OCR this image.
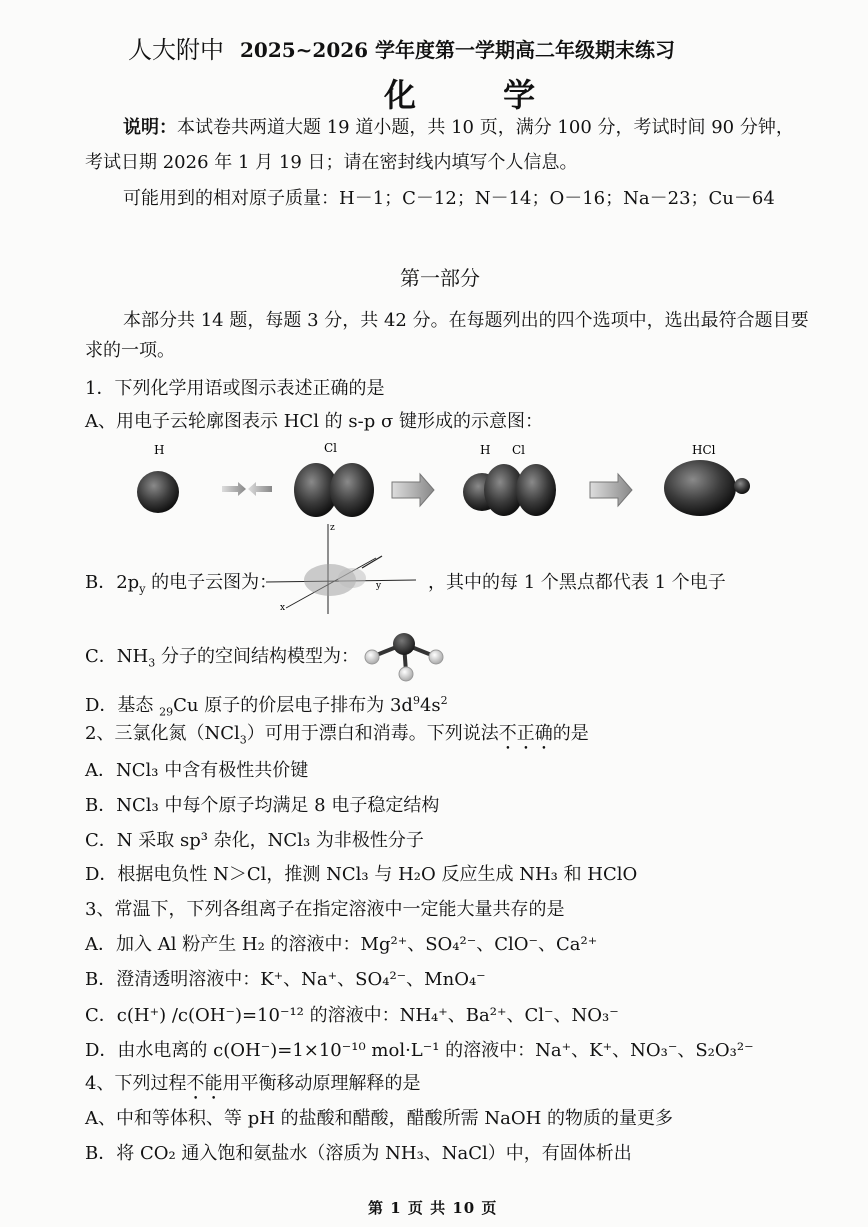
人大附中 2025~2026 学年度第一学期高二年级期末练习
化 学
说明：本试卷共两道大题 19 道小题，共 10 页，满分 100 分，考试时间 90 分钟，
考试日期 2026 年 1 月 19 日；请在密封线内填写个人信息。
可能用到的相对原子质量：H－1；C－12；N－14；O－16；Na－23；Cu－64
第一部分
本部分共 14 题，每题 3 分，共 42 分。在每题列出的四个选项中，选出最符合题目要
求的一项。
1．下列化学用语或图示表述正确的是
A、用电子云轮廓图表示 HCl 的 s-p σ 键形成的示意图：
H	Cl	H Cl	HCl
B．$2p_y$ 的电子云图为：
z
x
y	，其中的每 1 个黑点都代表 1 个电子
C．$NH_3$ 分子的空间结构模型为：
D．基态 $_{29}$Cu 原子的价层电子排布为 $3d^94s^2$
2、三氯化氮（NCl$_3$）可用于漂白和消毒。下列说法不正确的是
A．NCl₃ 中含有极性共价键
B．NCl₃ 中每个原子均满足 8 电子稳定结构
C．N 采取 sp³ 杂化，NCl₃ 为非极性分子
D．根据电负性 N＞Cl，推测 NCl₃ 与 H₂O 反应生成 NH₃ 和 HClO
3、常温下，下列各组离子在指定溶液中一定能大量共存的是
A．加入 Al 粉产生 H₂ 的溶液中：Mg²⁺、SO₄²⁻、ClO⁻、Ca²⁺
B．澄清透明溶液中：K⁺、Na⁺、SO₄²⁻、MnO₄⁻
C．c(H⁺) /c(OH⁻)=10⁻¹² 的溶液中：NH₄⁺、Ba²⁺、Cl⁻、NO₃⁻
D．由水电离的 c(OH⁻)=1×10⁻¹⁰ mol·L⁻¹ 的溶液中：Na⁺、K⁺、NO₃⁻、S₂O₃²⁻
4、下列过程不能用平衡移动原理解释的是
A、中和等体积、等 pH 的盐酸和醋酸，醋酸所需 NaOH 的物质的量更多
B．将 CO₂ 通入饱和氨盐水（溶质为 NH₃、NaCl）中，有固体析出
第 1 页 共 10 页
